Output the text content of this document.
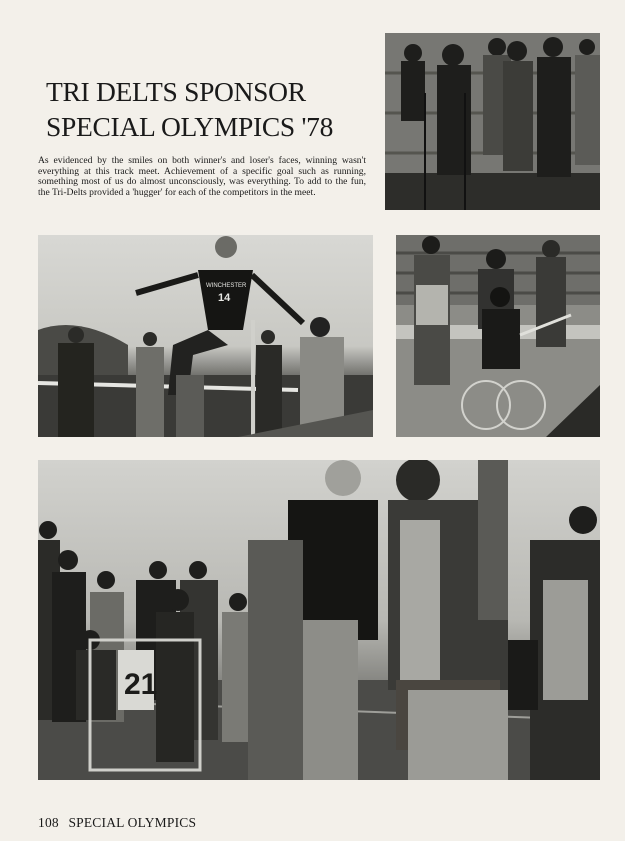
TRI DELTS SPONSOR
SPECIAL OLYMPICS '78

As evidenced by the smiles on both winner's and loser's faces, winning wasn't everything at this track meet. Achievement of a specific goal such as running, something most of us do almost unconsciously, was everything. To add to the fun, the Tri-Delts provided a 'hugger' for each of the competitors in the meet.

WINCHESTER
14
21
108 SPECIAL OLYMPICS
